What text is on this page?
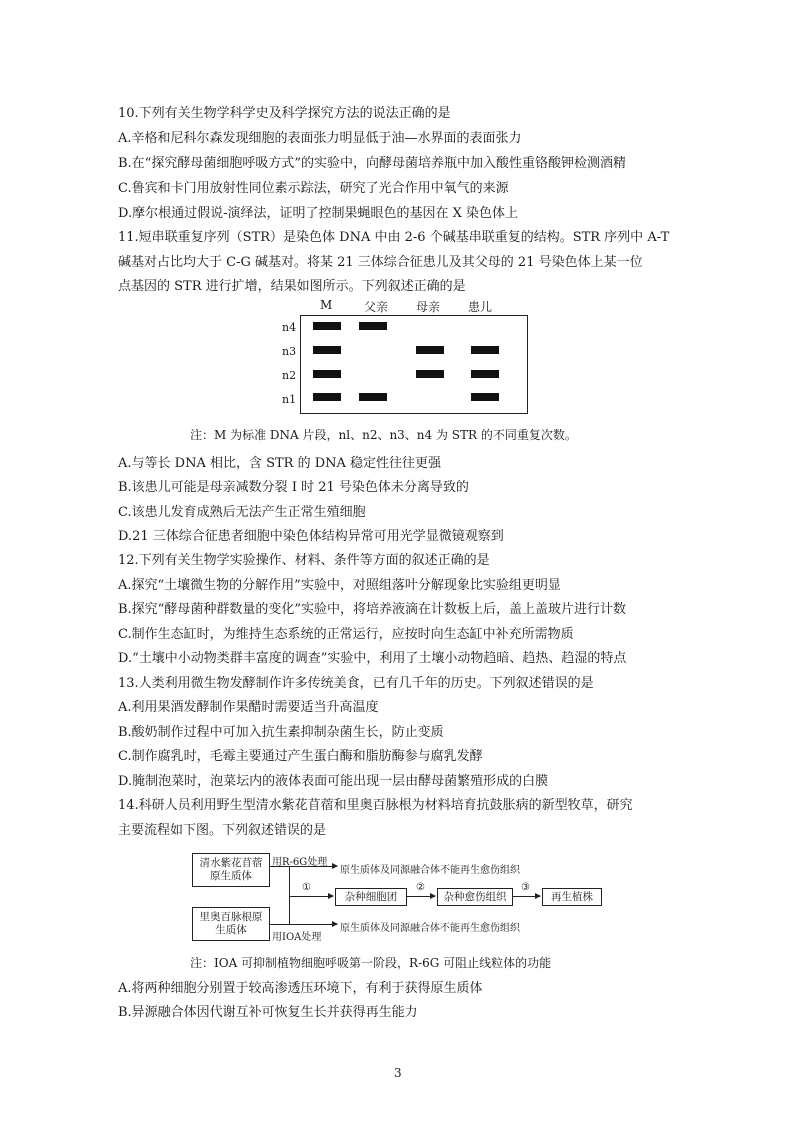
10.下列有关生物学科学史及科学探究方法的说法正确的是
A.辛格和尼科尔森发现细胞的表面张力明显低于油—水界面的表面张力
B.在“探究酵母菌细胞呼吸方式”的实验中，向酵母菌培养瓶中加入酸性重铬酸钾检测酒精
C.鲁宾和卡门用放射性同位素示踪法，研究了光合作用中氧气的来源
D.摩尔根通过假说-演绎法，证明了控制果蝇眼色的基因在 X 染色体上
11.短串联重复序列（STR）是染色体 DNA 中由 2-6 个碱基串联重复的结构。STR 序列中 A-T
碱基对占比均大于 C-G 碱基对。将某 21 三体综合征患儿及其父母的 21 号染色体上某一位
点基因的 STR 进行扩增，结果如图所示。下列叙述正确的是
M	父亲 母亲 患儿
n4
n3
n2
n1
注：M 为标准 DNA 片段，nl、n2、n3、n4 为 STR 的不同重复次数。
A.与等长 DNA 相比，含 STR 的 DNA 稳定性往往更强
B.该患儿可能是母亲减数分裂 I 时 21 号染色体未分离导致的
C.该患儿发育成熟后无法产生正常生殖细胞
D.21 三体综合征患者细胞中染色体结构异常可用光学显微镜观察到
12.下列有关生物学实验操作、材料、条件等方面的叙述正确的是
A.探究“土壤微生物的分解作用”实验中，对照组落叶分解现象比实验组更明显
B.探究“酵母菌种群数量的变化”实验中，将培养液滴在计数板上后，盖上盖玻片进行计数
C.制作生态缸时，为维持生态系统的正常运行，应按时向生态缸中补充所需物质
D.“土壤中小动物类群丰富度的调查”实验中，利用了土壤小动物趋暗、趋热、趋湿的特点
13.人类利用微生物发酵制作许多传统美食，已有几千年的历史。下列叙述错误的是
A.利用果酒发酵制作果醋时需要适当升高温度
B.酸奶制作过程中可加入抗生素抑制杂菌生长，防止变质
C.制作腐乳时，毛霉主要通过产生蛋白酶和脂肪酶参与腐乳发酵
D.腌制泡菜时，泡菜坛内的液体表面可能出现一层由酵母菌繁殖形成的白膜
14.科研人员利用野生型清水紫花苜蓿和里奥百脉根为材料培育抗鼓胀病的新型牧草，研究
主要流程如下图。下列叙述错误的是
清水紫花苜蓿原生质体
里奥百脉根原生质体
用R-6G处理
原生质体及同源融合体不能再生愈伤组织
用IOA处理
原生质体及同源融合体不能再生愈伤组织
①
杂种细胞团
②
杂种愈伤组织
③
再生植株
注：IOA 可抑制植物细胞呼吸第一阶段，R-6G 可阻止线粒体的功能
A.将两种细胞分别置于较高渗透压环境下，有利于获得原生质体
B.异源融合体因代谢互补可恢复生长并获得再生能力
3
